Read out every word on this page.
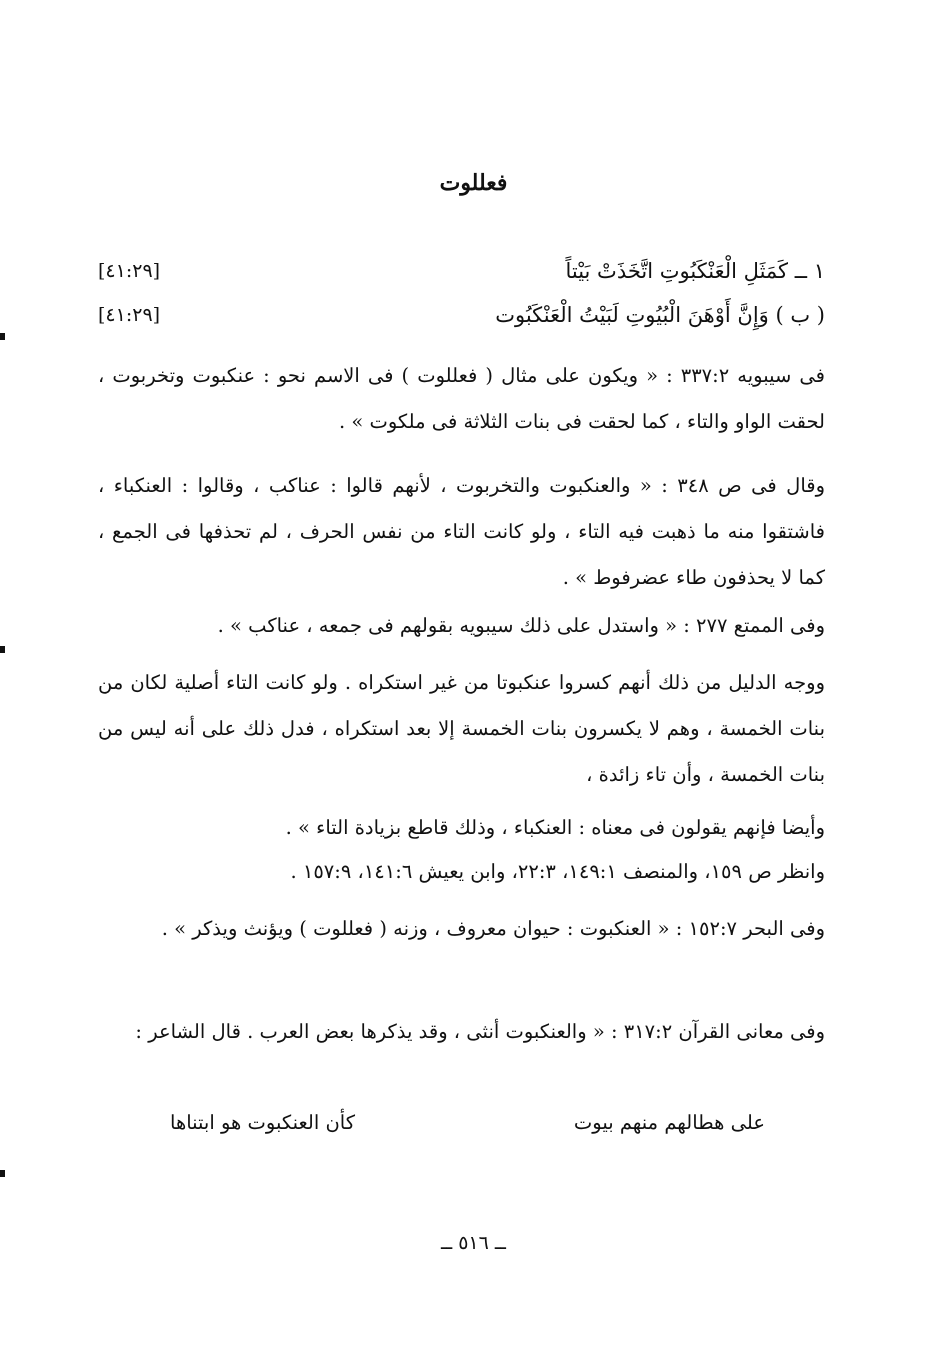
فعللوت
١ ــ كَمَثَلِ الْعَنْكَبُوتِ اتَّخَذَتْ بَيْتاً
[٤١:٢٩]
( ب ) وَإِنَّ أَوْهَنَ الْبُيُوتِ لَبَيْتُ الْعَنْكَبُوت
[٤١:٢٩]

فى سيبويه ٣٣٧:٢ : « ويكون على مثال ( فعللوت ) فى الاسم نحو : عنكبوت وتخربوت ، لحقت الواو والتاء ، كما لحقت فى بنات الثلاثة فى ملكوت » .

وقال فى ص ٣٤٨ : « والعنكبوت والتخربوت ، لأنهم قالوا : عناكب ، وقالوا : العنكباء ، فاشتقوا منه ما ذهبت فيه التاء ، ولو كانت التاء من نفس الحرف ، لم تحذفها فى الجمع ، كما لا يحذفون طاء عضرفوط » .

وفى الممتع ٢٧٧ : « واستدل على ذلك سيبويه بقولهم فى جمعه ، عناكب » .

ووجه الدليل من ذلك أنهم كسروا عنكبوتا من غير استكراه . ولو كانت التاء أصلية لكان من بنات الخمسة ، وهم لا يكسرون بنات الخمسة إلا بعد استكراه ، فدل ذلك على أنه ليس من بنات الخمسة ، وأن تاء زائدة ،

وأيضا فإنهم يقولون فى معناه : العنكباء ، وذلك قاطع بزيادة التاء » .

وانظر ص ١٥٩، والمنصف ١٤٩:١، ٢٢:٣، وابن يعيش ١٤١:٦، ١٥٧:٩ .

وفى البحر ١٥٢:٧ : « العنكبوت : حيوان معروف ، وزنه ( فعللوت ) ويؤنث ويذكر » .

وفى معانى القرآن ٣١٧:٢ : « والعنكبوت أنثى ، وقد يذكرها بعض العرب . قال الشاعر :

على هطالهم منهم بيوت
كأن العنكبوت هو ابتناها
ــ ٥١٦ ــ
